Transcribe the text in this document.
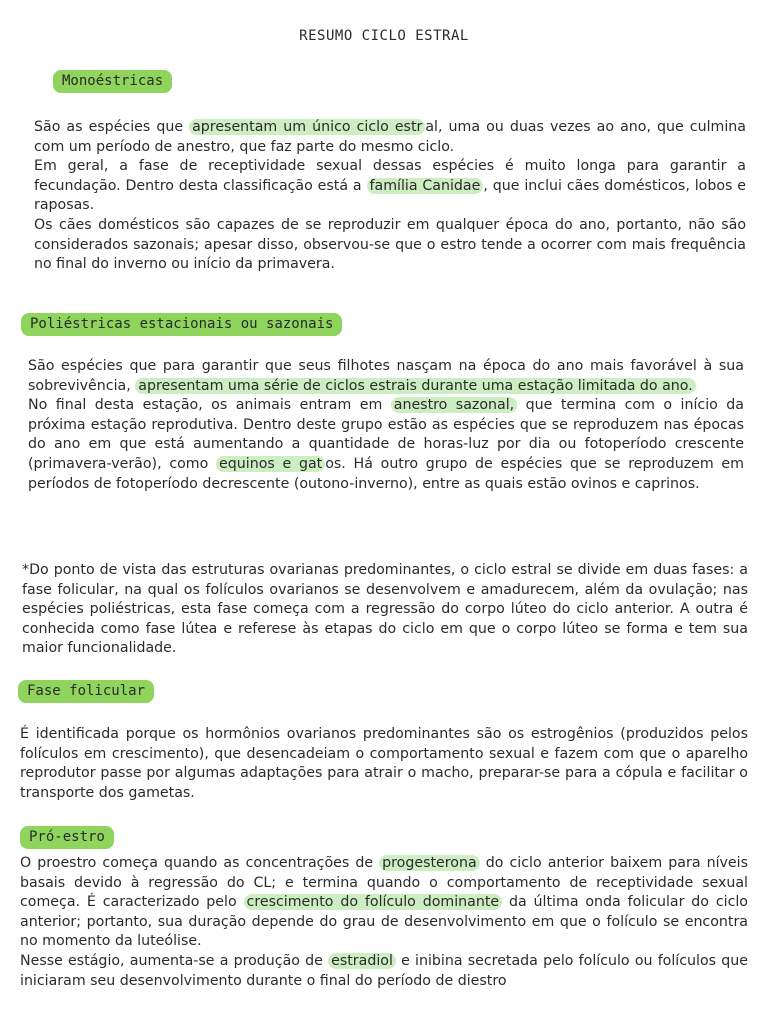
RESUMO CICLO ESTRAL
Monoéstricas

São as espécies que apresentam um único ciclo estr al, uma ou duas vezes ao ano, que culmina com um período de anestro, que faz parte do mesmo ciclo.

Em geral, a fase de receptividade sexual dessas espécies é muito longa para garantir a fecundação. Dentro desta classificação está a família Canidae , que inclui cães domésticos, lobos e raposas.

Os cães domésticos são capazes de se reproduzir em qualquer época do ano, portanto, não são considerados sazonais; apesar disso, observou-se que o estro tende a ocorrer com mais frequência no final do inverno ou início da primavera.

Poliéstricas estacionais ou sazonais

São espécies que para garantir que seus filhotes nasçam na época do ano mais favorável à sua sobrevivência, apresentam uma série de ciclos estrais durante uma estação limitada do ano.

No final desta estação, os animais entram em anestro sazonal, que termina com o início da próxima estação reprodutiva. Dentro deste grupo estão as espécies que se reproduzem nas épocas do ano em que está aumentando a quantidade de horas-luz por dia ou fotoperíodo crescente (primavera-verão), como equinos e gat os. Há outro grupo de espécies que se reproduzem em períodos de fotoperíodo decrescente (outono-inverno), entre as quais estão ovinos e caprinos.

*Do ponto de vista das estruturas ovarianas predominantes, o ciclo estral se divide em duas fases: a fase folicular, na qual os folículos ovarianos se desenvolvem e amadurecem, além da ovulação; nas espécies poliéstricas, esta fase começa com a regressão do corpo lúteo do ciclo anterior. A outra é conhecida como fase lútea e referese às etapas do ciclo em que o corpo lúteo se forma e tem sua maior funcionalidade.

Fase folicular

É identificada porque os hormônios ovarianos predominantes são os estrogênios (produzidos pelos folículos em crescimento), que desencadeiam o comportamento sexual e fazem com que o aparelho reprodutor passe por algumas adaptações para atrair o macho, preparar-se para a cópula e facilitar o transporte dos gametas.

Pró-estro

O proestro começa quando as concentrações de progesterona do ciclo anterior baixem para níveis basais devido à regressão do CL; e termina quando o comportamento de receptividade sexual começa. É caracterizado pelo crescimento do folículo dominante da última onda folicular do ciclo anterior; portanto, sua duração depende do grau de desenvolvimento em que o folículo se encontra no momento da luteólise.

Nesse estágio, aumenta-se a produção de estradiol e inibina secretada pelo folículo ou folículos que iniciaram seu desenvolvimento durante o final do período de diestro
